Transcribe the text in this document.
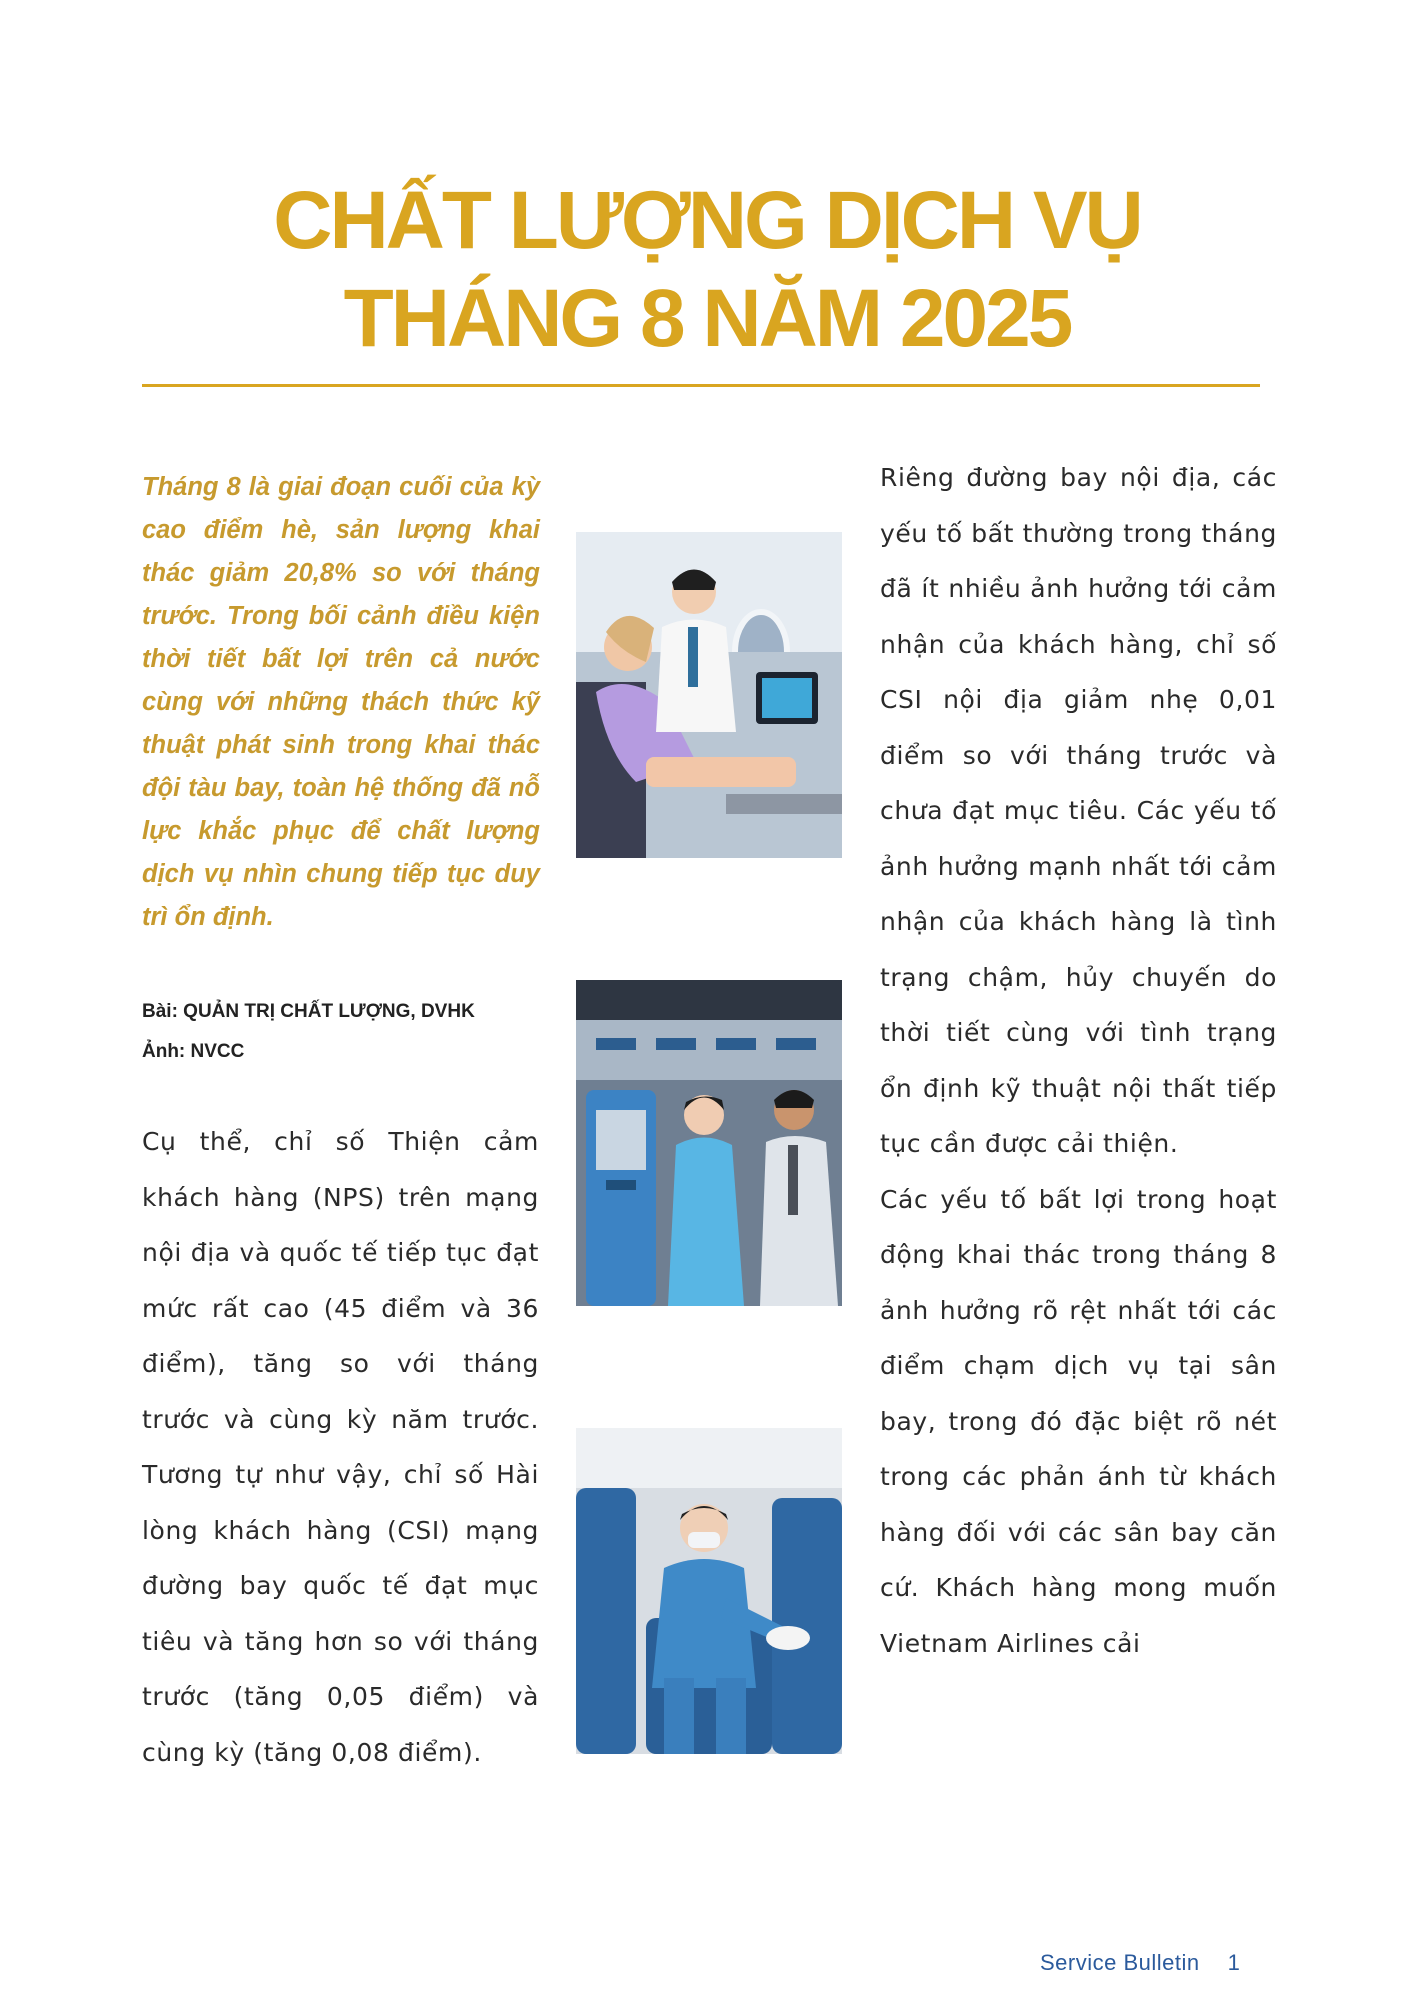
CHẤT LƯỢNG DỊCH VỤ
THÁNG 8 NĂM 2025

Tháng 8 là giai đoạn cuối của kỳ cao điểm hè, sản lượng khai thác giảm 20,8% so với tháng trước. Trong bối cảnh điều kiện thời tiết bất lợi trên cả nước cùng với những thách thức kỹ thuật phát sinh trong khai thác đội tàu bay, toàn hệ thống đã nỗ lực khắc phục để chất lượng dịch vụ nhìn chung tiếp tục duy trì ổn định.

Bài: QUẢN TRỊ CHẤT LƯỢNG, DVHK
Ảnh: NVCC

Cụ thể, chỉ số Thiện cảm khách hàng (NPS) trên mạng nội địa và quốc tế tiếp tục đạt mức rất cao (45 điểm và 36 điểm), tăng so với tháng trước và cùng kỳ năm trước. Tương tự như vậy, chỉ số Hài lòng khách hàng (CSI) mạng đường bay quốc tế đạt mục tiêu và tăng hơn so với tháng trước (tăng 0,05 điểm) và cùng kỳ (tăng 0,08 điểm).

Riêng đường bay nội địa, các yếu tố bất thường trong tháng đã ít nhiều ảnh hưởng tới cảm nhận của khách hàng, chỉ số CSI nội địa giảm nhẹ 0,01 điểm so với tháng trước và chưa đạt mục tiêu. Các yếu tố ảnh hưởng mạnh nhất tới cảm nhận của khách hàng là tình trạng chậm, hủy chuyến do thời tiết cùng với tình trạng ổn định kỹ thuật nội thất tiếp tục cần được cải thiện.

Các yếu tố bất lợi trong hoạt động khai thác trong tháng 8 ảnh hưởng rõ rệt nhất tới các điểm chạm dịch vụ tại sân bay, trong đó đặc biệt rõ nét trong các phản ánh từ khách hàng đối với các sân bay căn cứ. Khách hàng mong muốn Vietnam Airlines cải

Service Bulletin 1
